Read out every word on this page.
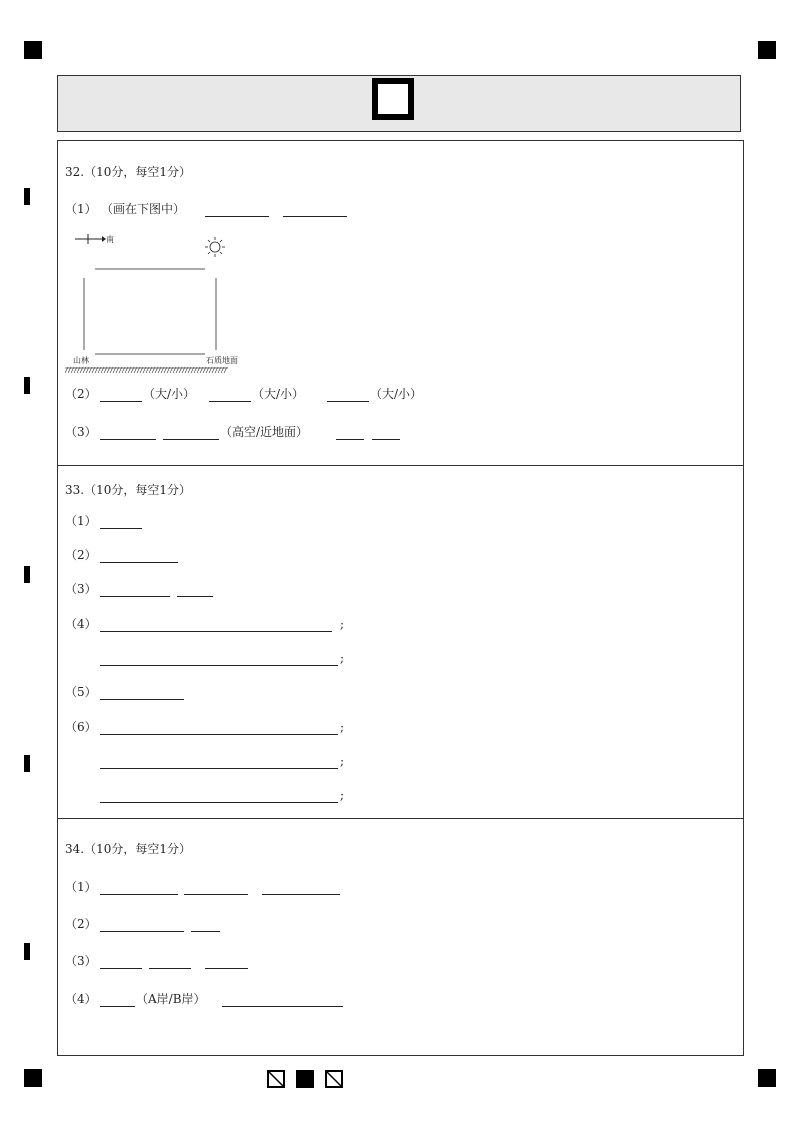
32.（10分，每空1分）
（1） （画在下图中）
南
山林	石质地面
（2）	（大/小）	（大/小）	（大/小）
（3）	（高空/近地面）
33.（10分，每空1分）
（1）
（2）
（3）
（4）	;
;
（5）
（6）	;
;
;
34.（10分，每空1分）
（1）
（2）
（3）
（4）	（A岸/B岸）
